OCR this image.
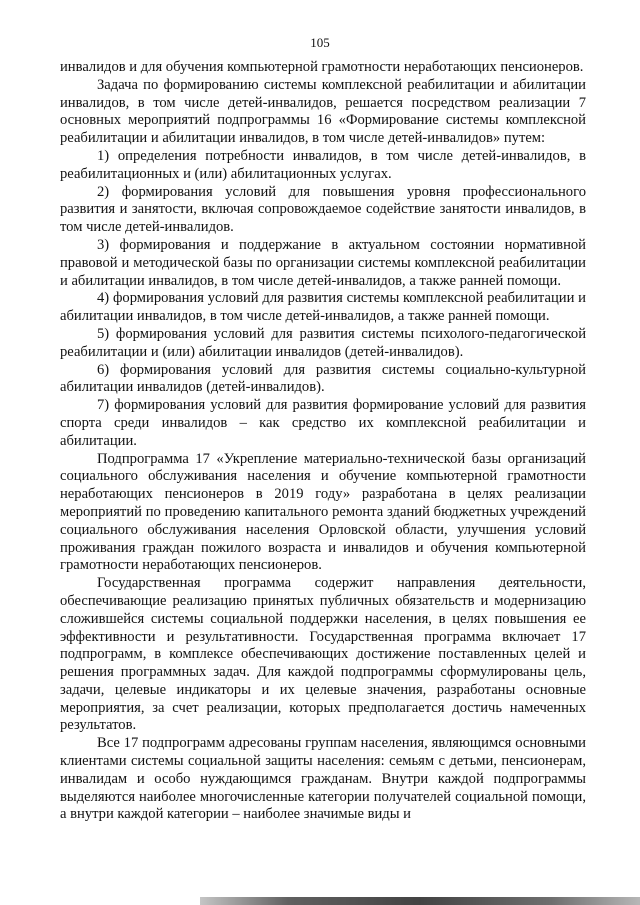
105

инвалидов и для обучения компьютерной грамотности неработающих пенсионеров.

Задача по формированию системы комплексной реабилитации и абилитации инвалидов, в том числе детей-инвалидов, решается посредством реализации 7 основных мероприятий подпрограммы 16 «Формирование системы комплексной реабилитации и абилитации инвалидов, в том числе детей-инвалидов» путем:

1) определения потребности инвалидов, в том числе детей-инвалидов, в реабилитационных и (или) абилитационных услугах.

2) формирования условий для повышения уровня профессионального развития и занятости, включая сопровождаемое содействие занятости инвалидов, в том числе детей-инвалидов.

3) формирования и поддержание в актуальном состоянии нормативной правовой и методической базы по организации системы комплексной реабилитации и абилитации инвалидов, в том числе детей-инвалидов, а также ранней помощи.

4) формирования условий для развития системы комплексной реабилитации и абилитации инвалидов, в том числе детей-инвалидов, а также ранней помощи.

5) формирования условий для развития системы психолого-педагогической реабилитации и (или) абилитации инвалидов (детей-инвалидов).

6) формирования условий для развития системы социально-культурной абилитации инвалидов (детей-инвалидов).

7) формирования условий для развития формирование условий для развития спорта среди инвалидов – как средство их комплексной реабилитации и абилитации.

Подпрограмма 17 «Укрепление материально-технической базы организаций социального обслуживания населения и обучение компьютерной грамотности неработающих пенсионеров в 2019 году» разработана в целях реализации мероприятий по проведению капитального ремонта зданий бюджетных учреждений социального обслуживания населения Орловской области, улучшения условий проживания граждан пожилого возраста и инвалидов и обучения компьютерной грамотности неработающих пенсионеров.

Государственная программа содержит направления деятельности, обеспечивающие реализацию принятых публичных обязательств и модернизацию сложившейся системы социальной поддержки населения, в целях повышения ее эффективности и результативности. Государственная программа включает 17 подпрограмм, в комплексе обеспечивающих достижение поставленных целей и решения программных задач. Для каждой подпрограммы сформулированы цель, задачи, целевые индикаторы и их целевые значения, разработаны основные мероприятия, за счет реализации, которых предполагается достичь намеченных результатов.

Все 17 подпрограмм адресованы группам населения, являющимся основными клиентами системы социальной защиты населения: семьям с детьми, пенсионерам, инвалидам и особо нуждающимся гражданам. Внутри каждой подпрограммы выделяются наиболее многочисленные категории получателей социальной помощи, а внутри каждой категории – наиболее значимые виды и
